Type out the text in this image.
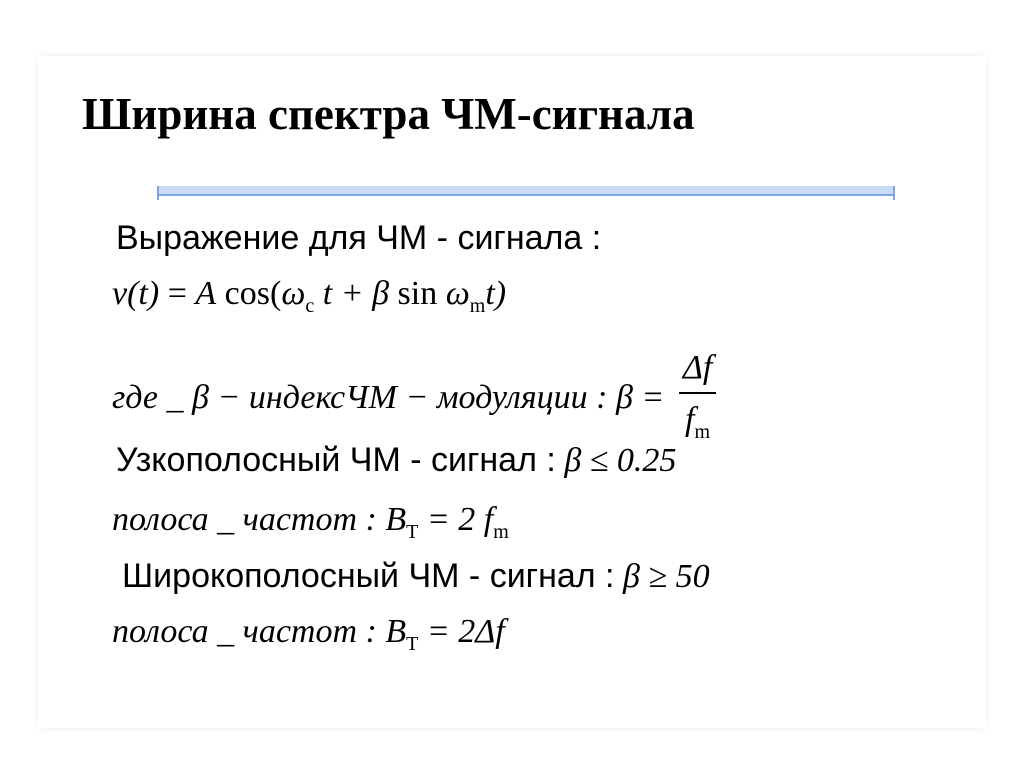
Ширина спектра ЧМ-сигнала
Выражение для ЧМ - сигнала :
v(t) = A $\cos(\omega_c$ t + β $\sin \omega_mt$)
где _ β − индексЧМ − модуляции : $\beta = \frac{\Delta f}{f_m}$
Узкополосный ЧМ - сигнал : β ≤ 0.25
полоса _ частот : $B_T = 2$ $f_m$
Широкополосный ЧМ - сигнал : β ≥ 50
полоса _ частот : $B_T = 2\Delta f$
